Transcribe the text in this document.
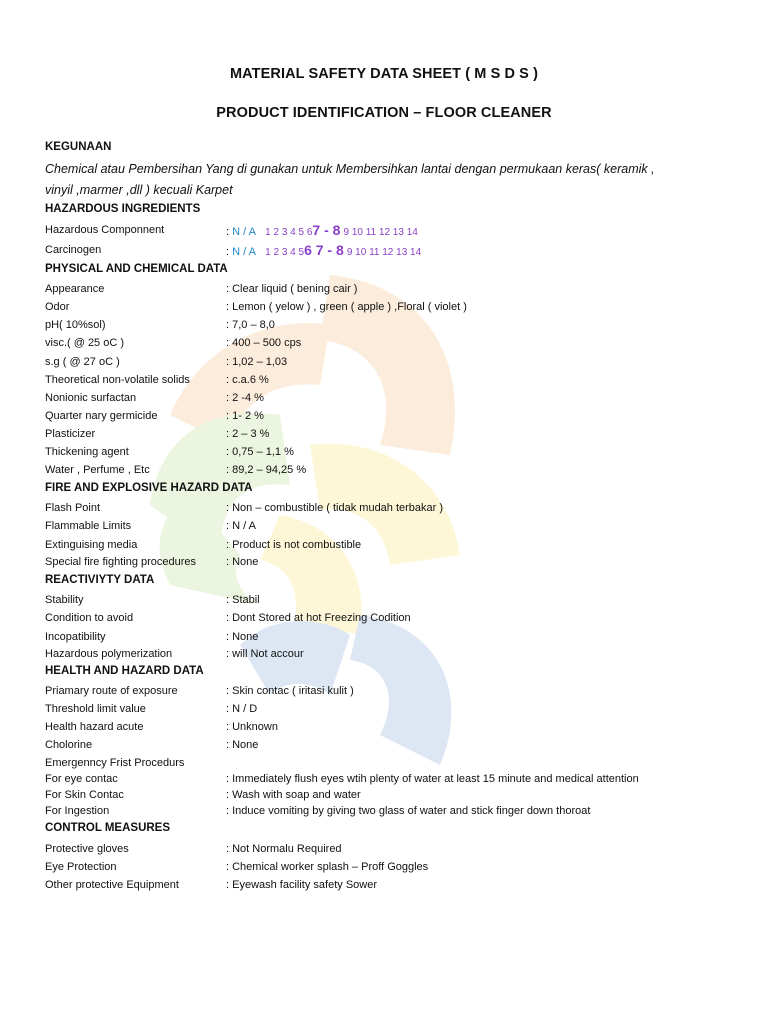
MATERIAL SAFETY DATA SHEET ( M S D S )
PRODUCT IDENTIFICATION – FLOOR CLEANER
KEGUNAAN
Chemical atau Pembersihan Yang di gunakan untuk Membersihkan lantai dengan permukaan keras( keramik ,
vinyil ,marmer ,dll ) kecuali Karpet
HAZARDOUS INGREDIENTS
Hazardous Componnent	: N / A 1 2 3 4 5 67 - 8 9 10 11 12 13 14
Carcinogen	: N / A 1 2 3 4 56 7 - 8 9 10 11 12 13 14
PHYSICAL AND CHEMICAL DATA
Appearance	: Clear liquid ( bening cair )
Odor	: Lemon ( yelow ) , green ( apple ) ,Floral ( violet )
pH( 10%sol)	: 7,0 – 8,0
visc.( @ 25 oC )	: 400 – 500 cps
s.g ( @ 27 oC )	: 1,02 – 1,03
Theoretical non-volatile solids	: c.a.6 %
Nonionic surfactan	: 2 -4 %
Quarter nary germicide	: 1- 2 %
Plasticizer	: 2 – 3 %
Thickening agent	: 0,75 – 1,1 %
Water , Perfume , Etc	: 89,2 – 94,25 %
FIRE AND EXPLOSIVE HAZARD DATA
Flash Point	: Non – combustible ( tidak mudah terbakar )
Flammable Limits	: N / A
Extinguising media	: Product is not combustible
Special fire fighting procedures	: None
REACTIVIYTY DATA
Stability	: Stabil
Condition to avoid	: Dont Stored at hot Freezing Codition
Incopatibility	: None
Hazardous polymerization	: will Not accour
HEALTH AND HAZARD DATA
Priamary route of exposure	: Skin contac ( iritasi kulit )
Threshold limit value	: N / D
Health hazard acute	: Unknown
Cholorine	: None
Emergenncy Frist Procedurs
For eye contac	: Immediately flush eyes wtih plenty of water at least 15 minute and medical attention
For Skin Contac	: Wash with soap and water
For Ingestion	: Induce vomiting by giving two glass of water and stick finger down thoroat
CONTROL MEASURES
Protective gloves	: Not Normalu Required
Eye Protection	: Chemical worker splash – Proff Goggles
Other protective Equipment	: Eyewash facility safety Sower
